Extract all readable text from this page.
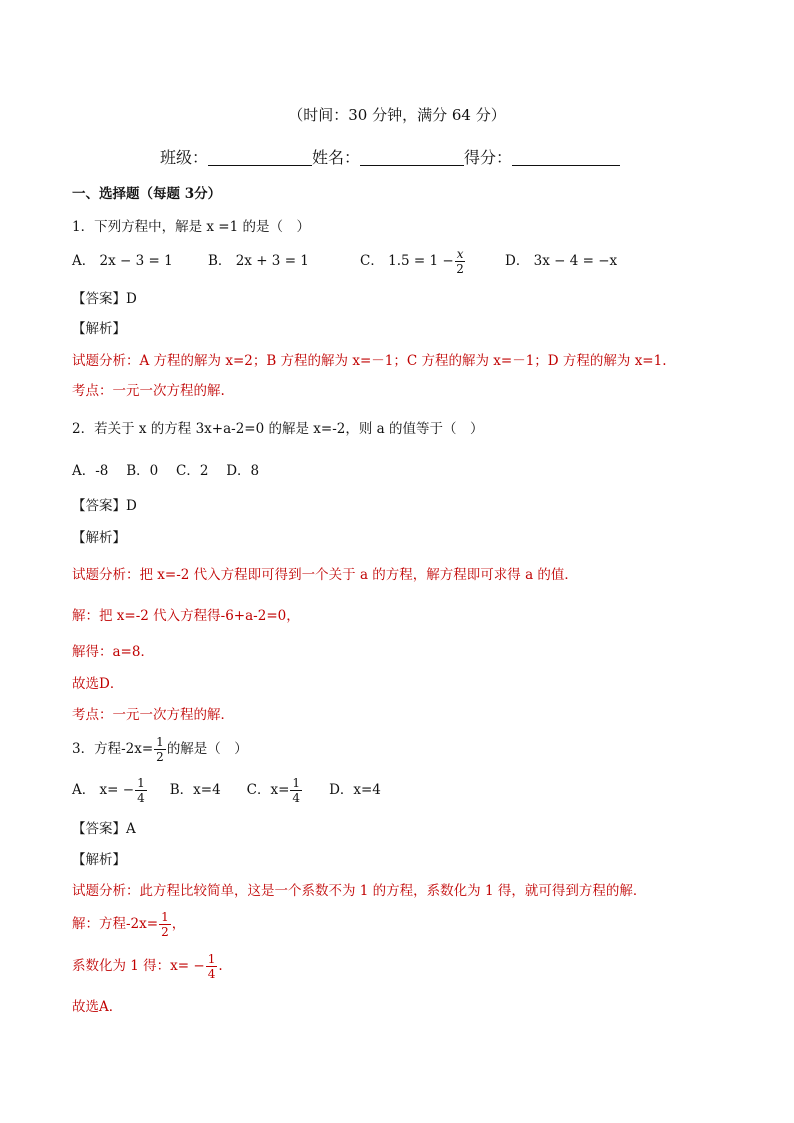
（时间：30 分钟，满分 64 分）
班级：	姓名：	得分：
一、选择题（每题 3分）
1．下列方程中，解是 x =1 的是（　）
A． 2x − 3 = 1	B． 2x + 3 = 1	C． $1.5 = 1 - \frac{x}{2}$	D． 3x − 4 = −x
【答案】D
【解析】
试题分析：A 方程的解为 x=2；B 方程的解为 x=－1；C 方程的解为 x=－1；D 方程的解为 x=1.
考点：一元一次方程的解.
2．若关于 x 的方程 3x+a-2=0 的解是 x=-2，则 a 的值等于（　）
A．-8　 B．0　 C．2　 D．8
【答案】D
【解析】
试题分析：把 x=-2 代入方程即可得到一个关于 a 的方程，解方程即可求得 a 的值．
解：把 x=-2 代入方程得-6+a-2=0，
解得：a=8．
故选D．
考点：一元一次方程的解．
3．方程$-2x= \frac{1}{2}$ 的解是（　）
A． $x= - \frac{1}{4}$ B．x=4 C．$x= \frac{1}{4}$ D．x=4
【答案】A
【解析】
试题分析：此方程比较简单，这是一个系数不为 1 的方程，系数化为 1 得，就可得到方程的解．
解：方程$-2x= \frac{1}{2}$ ，
系数化为 1 得：$x= - \frac{1}{4}$ .
故选A．
